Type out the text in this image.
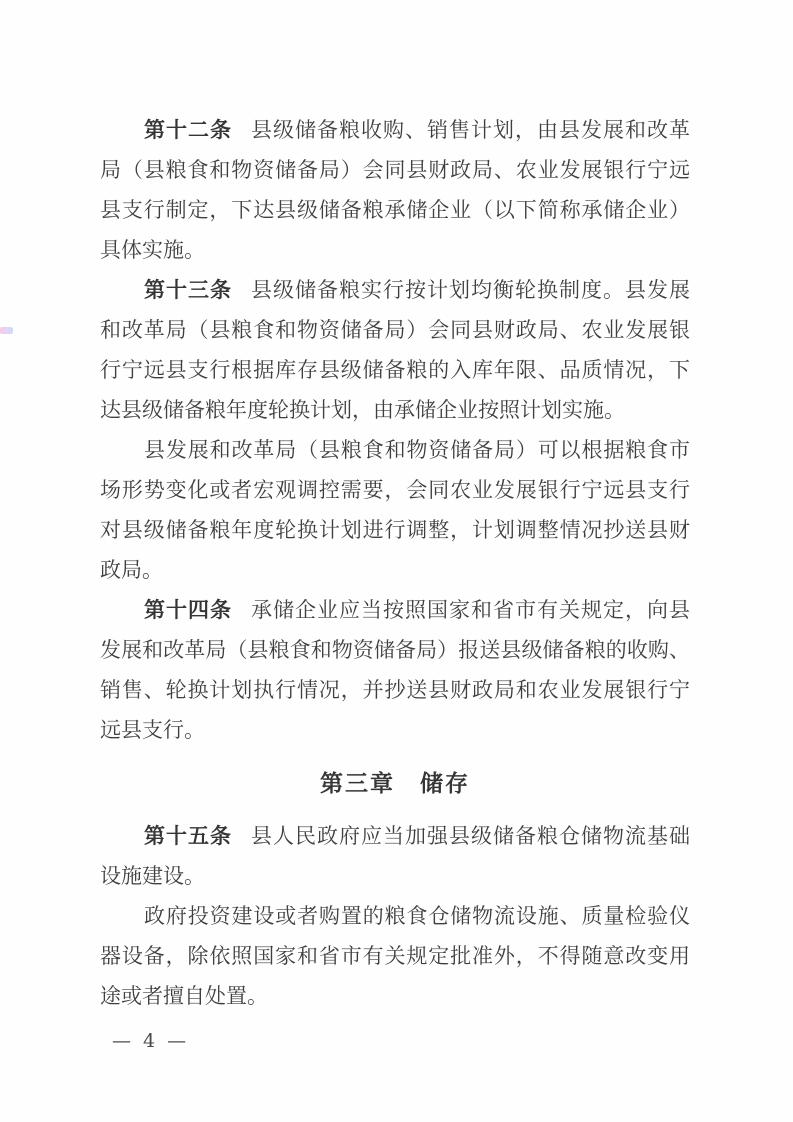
第十二条 县级储备粮收购、销售计划，由县发展和改革
局（县粮食和物资储备局）会同县财政局、农业发展银行宁远
县支行制定，下达县级储备粮承储企业（以下简称承储企业）
具体实施。
第十三条 县级储备粮实行按计划均衡轮换制度。县发展
和改革局（县粮食和物资储备局）会同县财政局、农业发展银
行宁远县支行根据库存县级储备粮的入库年限、品质情况，下
达县级储备粮年度轮换计划，由承储企业按照计划实施。
县发展和改革局（县粮食和物资储备局）可以根据粮食市
场形势变化或者宏观调控需要，会同农业发展银行宁远县支行
对县级储备粮年度轮换计划进行调整，计划调整情况抄送县财
政局。
第十四条 承储企业应当按照国家和省市有关规定，向县
发展和改革局（县粮食和物资储备局）报送县级储备粮的收购、
销售、轮换计划执行情况，并抄送县财政局和农业发展银行宁
远县支行。
第三章　储存
第十五条 县人民政府应当加强县级储备粮仓储物流基础
设施建设。
政府投资建设或者购置的粮食仓储物流设施、质量检验仪
器设备，除依照国家和省市有关规定批准外，不得随意改变用
途或者擅自处置。
— 4 —
